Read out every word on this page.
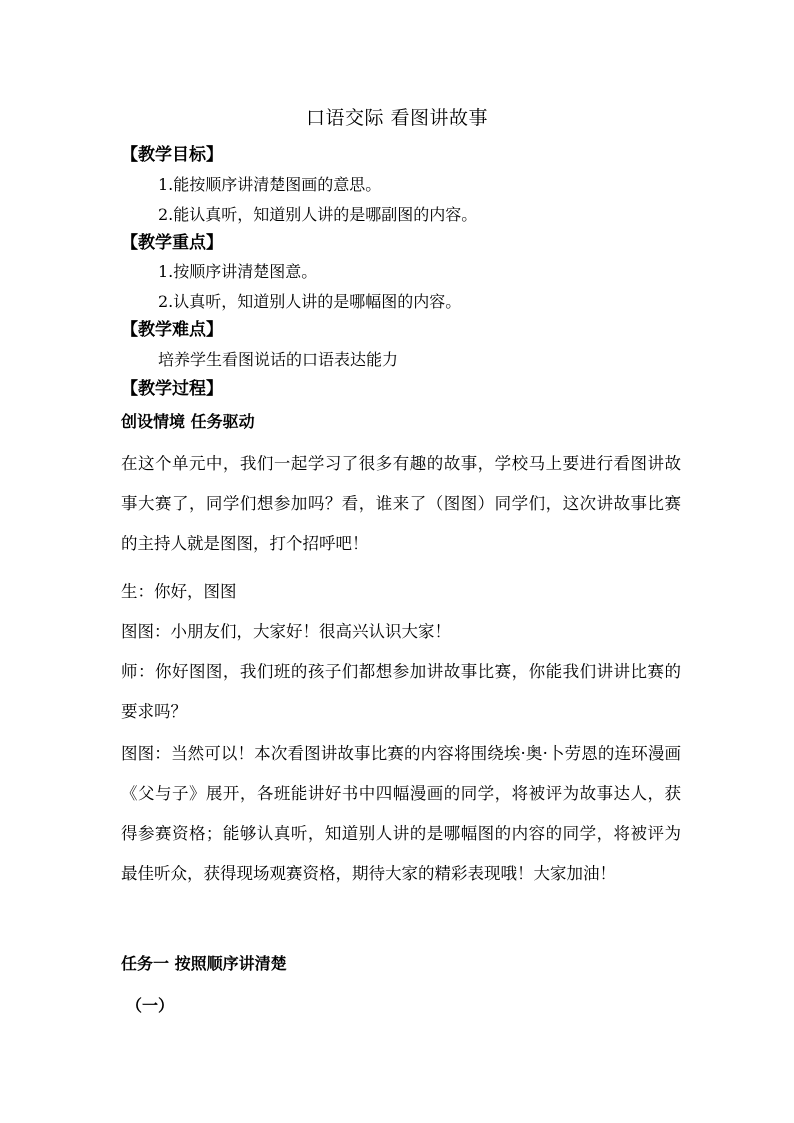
口语交际 看图讲故事
【教学目标】
1.能按顺序讲清楚图画的意思。
2.能认真听，知道别人讲的是哪副图的内容。
【教学重点】
1.按顺序讲清楚图意。
2.认真听，知道别人讲的是哪幅图的内容。
【教学难点】
培养学生看图说话的口语表达能力
【教学过程】
创设情境 任务驱动
在这个单元中，我们一起学习了很多有趣的故事，学校马上要进行看图讲故事大赛了，同学们想参加吗？看，谁来了（图图）同学们，这次讲故事比赛的主持人就是图图，打个招呼吧！
生：你好，图图
图图：小朋友们，大家好！很高兴认识大家！
师：你好图图，我们班的孩子们都想参加讲故事比赛，你能我们讲讲比赛的要求吗？
图图：当然可以！本次看图讲故事比赛的内容将围绕埃·奥·卜劳恩的连环漫画《父与子》展开，各班能讲好书中四幅漫画的同学，将被评为故事达人，获得参赛资格；能够认真听，知道别人讲的是哪幅图的内容的同学，将被评为最佳听众，获得现场观赛资格，期待大家的精彩表现哦！大家加油！
任务一 按照顺序讲清楚
（一）
